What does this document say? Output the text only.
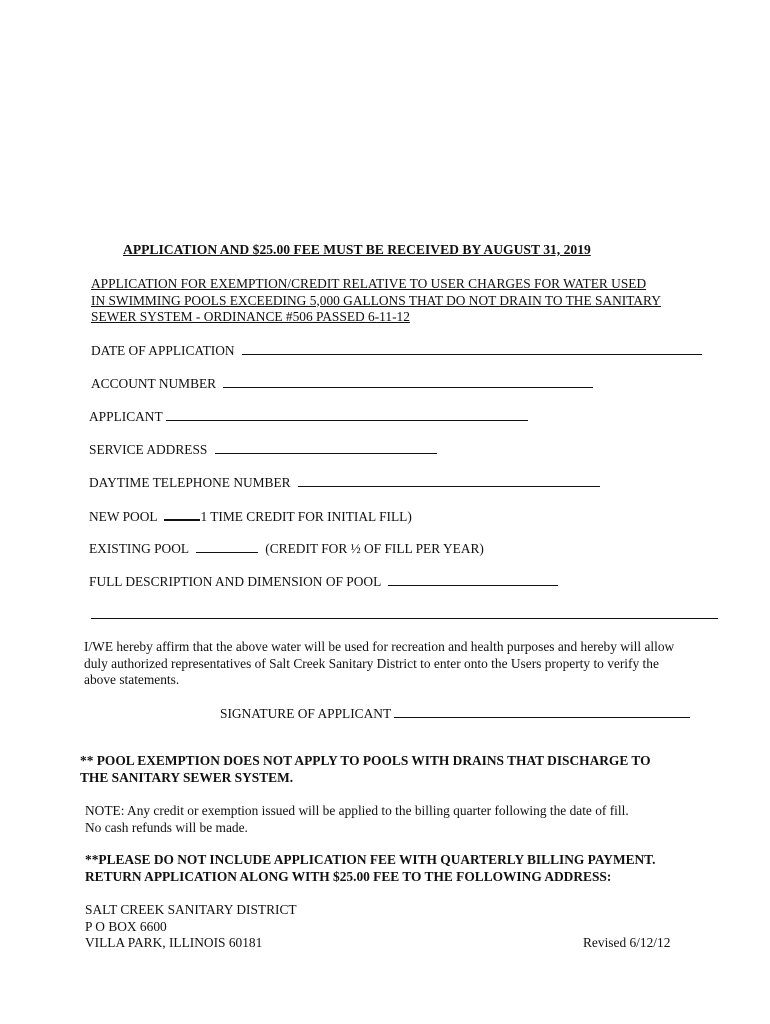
APPLICATION AND $25.00 FEE MUST BE RECEIVED BY AUGUST 31, 2019
APPLICATION FOR EXEMPTION/CREDIT RELATIVE TO USER CHARGES FOR WATER USED
IN SWIMMING POOLS EXCEEDING 5,000 GALLONS THAT DO NOT DRAIN TO THE SANITARY
SEWER SYSTEM - ORDINANCE #506 PASSED 6-11-12
DATE OF APPLICATION
ACCOUNT NUMBER
APPLICANT
SERVICE ADDRESS
DAYTIME TELEPHONE NUMBER
NEW POOL	1 TIME CREDIT FOR INITIAL FILL)
EXISTING POOL	(CREDIT FOR ½ OF FILL PER YEAR)
FULL DESCRIPTION AND DIMENSION OF POOL
I/WE hereby affirm that the above water will be used for recreation and health purposes and hereby will allow
duly authorized representatives of Salt Creek Sanitary District to enter onto the Users property to verify the
above statements.
SIGNATURE OF APPLICANT
** POOL EXEMPTION DOES NOT APPLY TO POOLS WITH DRAINS THAT DISCHARGE TO
THE SANITARY SEWER SYSTEM.
NOTE: Any credit or exemption issued will be applied to the billing quarter following the date of fill.
No cash refunds will be made.
**PLEASE DO NOT INCLUDE APPLICATION FEE WITH QUARTERLY BILLING PAYMENT.
RETURN APPLICATION ALONG WITH $25.00 FEE TO THE FOLLOWING ADDRESS:
SALT CREEK SANITARY DISTRICT
P O BOX 6600
VILLA PARK, ILLINOIS 60181	Revised 6/12/12
